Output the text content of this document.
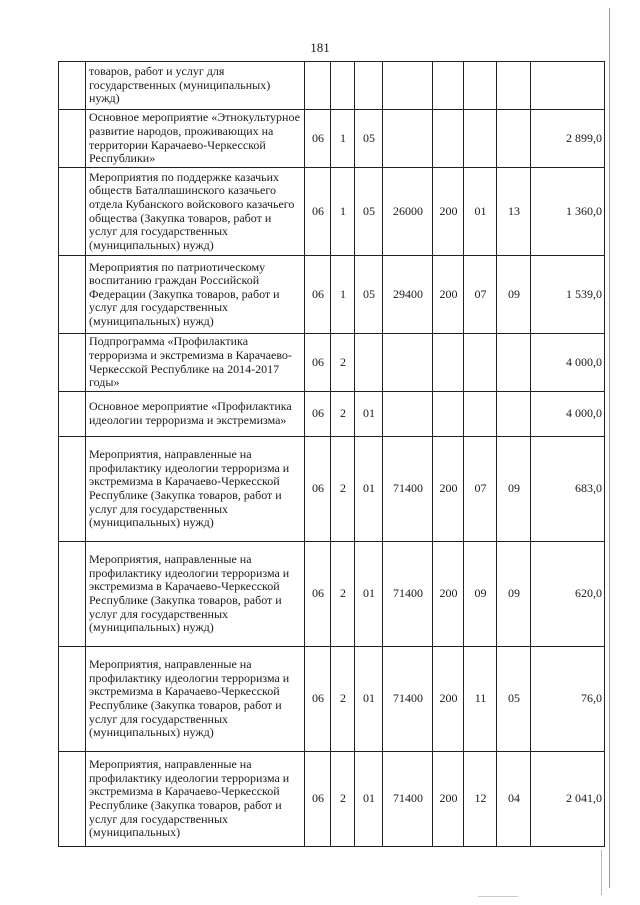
181
	товаров, работ и услуг для государственных (муниципальных) нужд)								
	Основное мероприятие «Этнокультурное развитие народов, проживающих на территории Карачаево-Черкесской Республики»	06	1	05					2 899,0
	Мероприятия по поддержке казачьих обществ Баталпашинского казачьего отдела Кубанского войскового казачьего общества (Закупка товаров, работ и услуг для государственных (муниципальных) нужд)	06	1	05	26000	200	01	13	1 360,0
	Мероприятия по патриотическому воспитанию граждан Российской Федерации (Закупка товаров, работ и услуг для государственных (муниципальных) нужд)	06	1	05	29400	200	07	09	1 539,0
	Подпрограмма «Профилактика терроризма и экстремизма в Карачаево-Черкесской Республике на 2014-2017 годы»	06	2						4 000,0
	Основное мероприятие «Профилактика идеологии терроризма и экстремизма»	06	2	01					4 000,0
	Мероприятия, направленные на профилактику идеологии терроризма и экстремизма в Карачаево-Черкесской Республике (Закупка товаров, работ и услуг для государственных (муниципальных) нужд)	06	2	01	71400	200	07	09	683,0
	Мероприятия, направленные на профилактику идеологии терроризма и экстремизма в Карачаево-Черкесской Республике (Закупка товаров, работ и услуг для государственных (муниципальных) нужд)	06	2	01	71400	200	09	09	620,0
	Мероприятия, направленные на профилактику идеологии терроризма и экстремизма в Карачаево-Черкесской Республике (Закупка товаров, работ и услуг для государственных (муниципальных) нужд)	06	2	01	71400	200	11	05	76,0
	Мероприятия, направленные на профилактику идеологии терроризма и экстремизма в Карачаево-Черкесской Республике (Закупка товаров, работ и услуг для государственных (муниципальных)	06	2	01	71400	200	12	04	2 041,0
